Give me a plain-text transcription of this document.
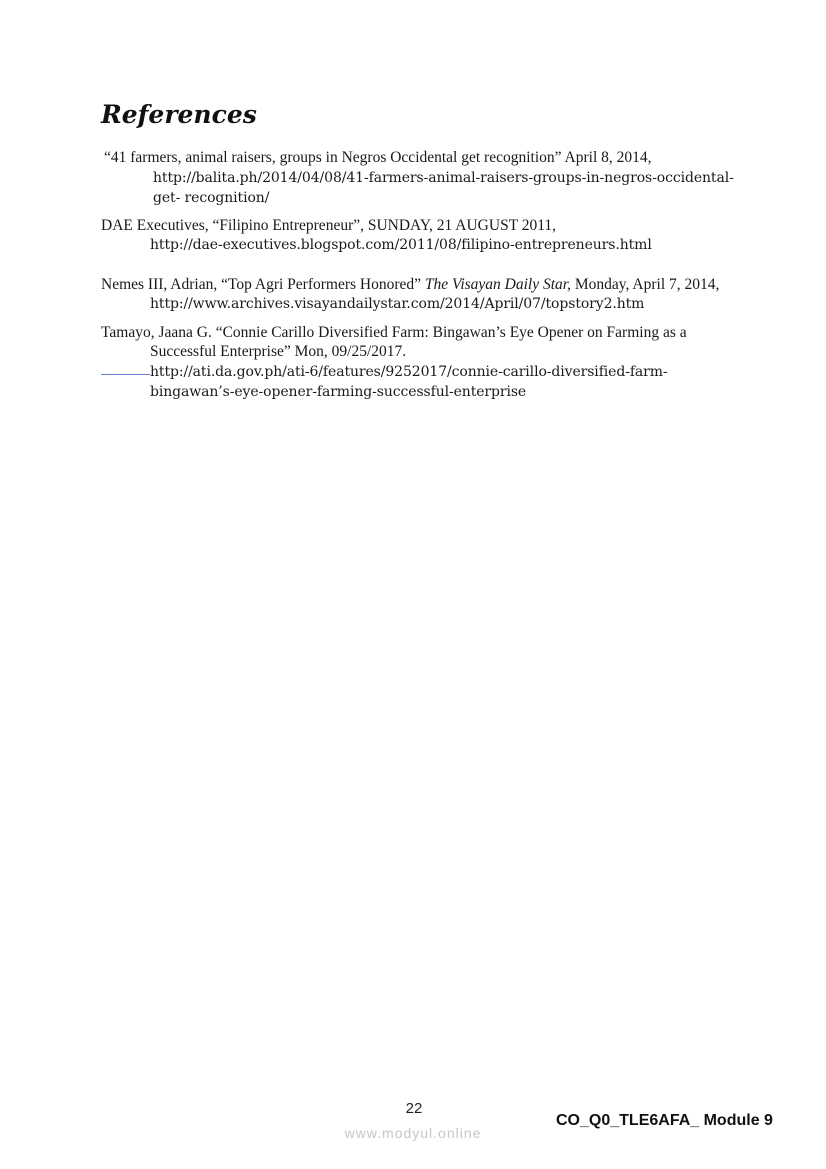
References

“41 farmers, animal raisers, groups in Negros Occidental get recognition” April 8, 2014, http://balita.ph/2014/04/08/41-farmers-animal-raisers-groups-in-negros-occidental-get- recognition/

DAE Executives, “Filipino Entrepreneur”, SUNDAY, 21 AUGUST 2011,
http://dae-executives.blogspot.com/2011/08/filipino-entrepreneurs.html

Nemes III, Adrian, “Top Agri Performers Honored” The Visayan Daily Star, Monday, April 7, 2014,
http://www.archives.visayandailystar.com/2014/April/07/topstory2.htm

Tamayo, Jaana G. “Connie Carillo Diversified Farm: Bingawan’s Eye Opener on Farming as a Successful Enterprise” Mon, 09/25/2017.
http://ati.da.gov.ph/ati-6/features/9252017/connie-carillo-diversified-farm-bingawan’s-eye-opener-farming-successful-enterprise

22
www.modyul.online
CO_Q0_TLE6AFA_ Module 9
